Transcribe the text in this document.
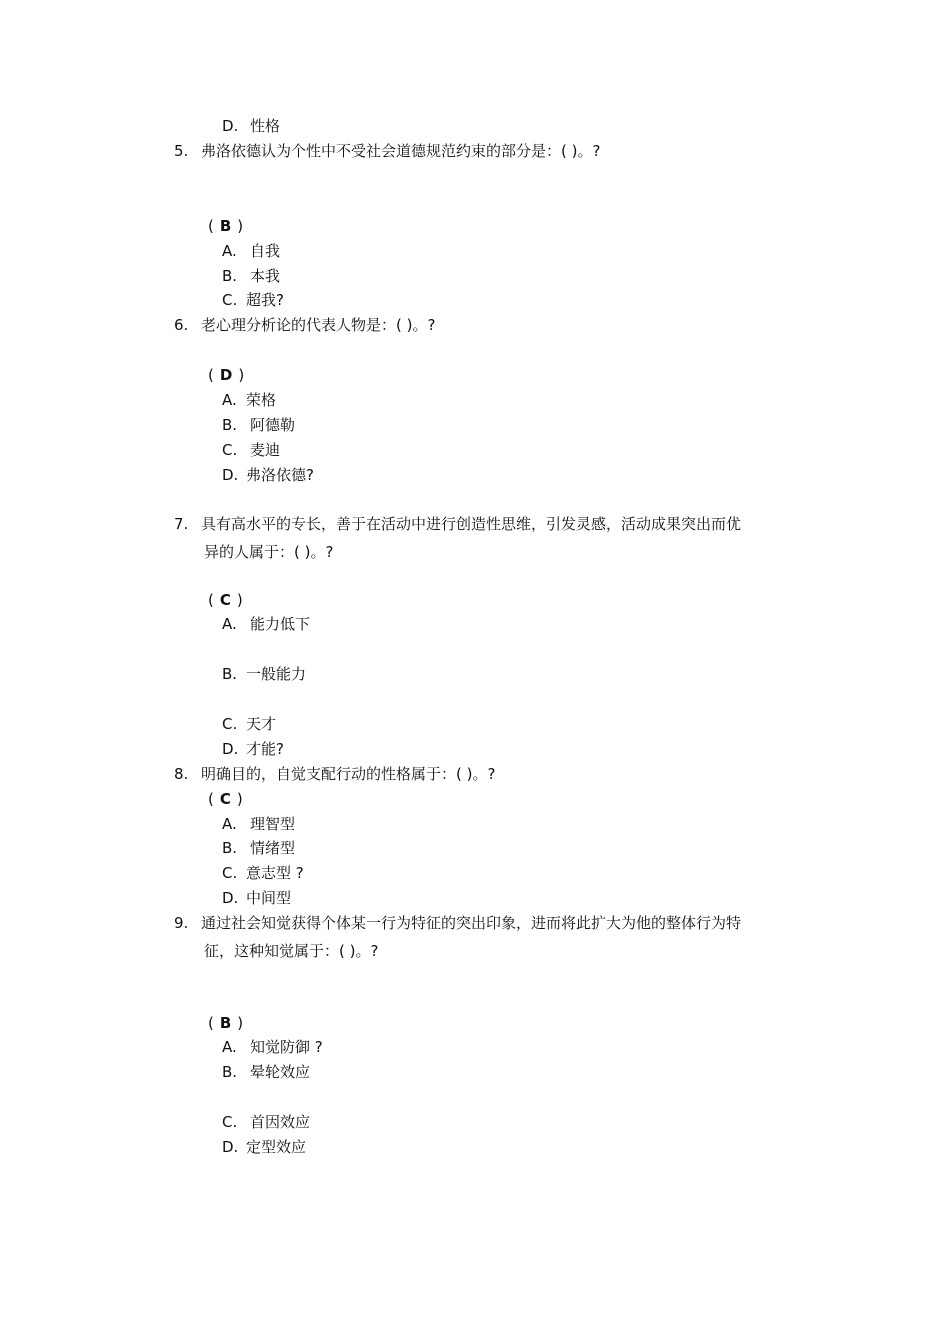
D. 性格
5. 弗洛依德认为个性中不受社会道德规范约束的部分是：( )。?
( B )
A. 自我
B. 本我
C. 超我?
6. 老心理分析论的代表人物是：( )。?
( D )
A. 荣格
B. 阿德勒
C. 麦迪
D. 弗洛依德?
7. 具有高水平的专长，善于在活动中进行创造性思维，引发灵感，活动成果突出而优
异的人属于：( )。?
( C )
A. 能力低下
B. 一般能力
C. 天才
D. 才能?
8. 明确目的，自觉支配行动的性格属于：( )。?
( C )
A. 理智型
B. 情绪型
C. 意志型 ?
D. 中间型
9. 通过社会知觉获得个体某一行为特征的突出印象，进而将此扩大为他的整体行为特
征，这种知觉属于：( )。?
( B )
A. 知觉防御 ?
B. 晕轮效应
C. 首因效应
D. 定型效应
